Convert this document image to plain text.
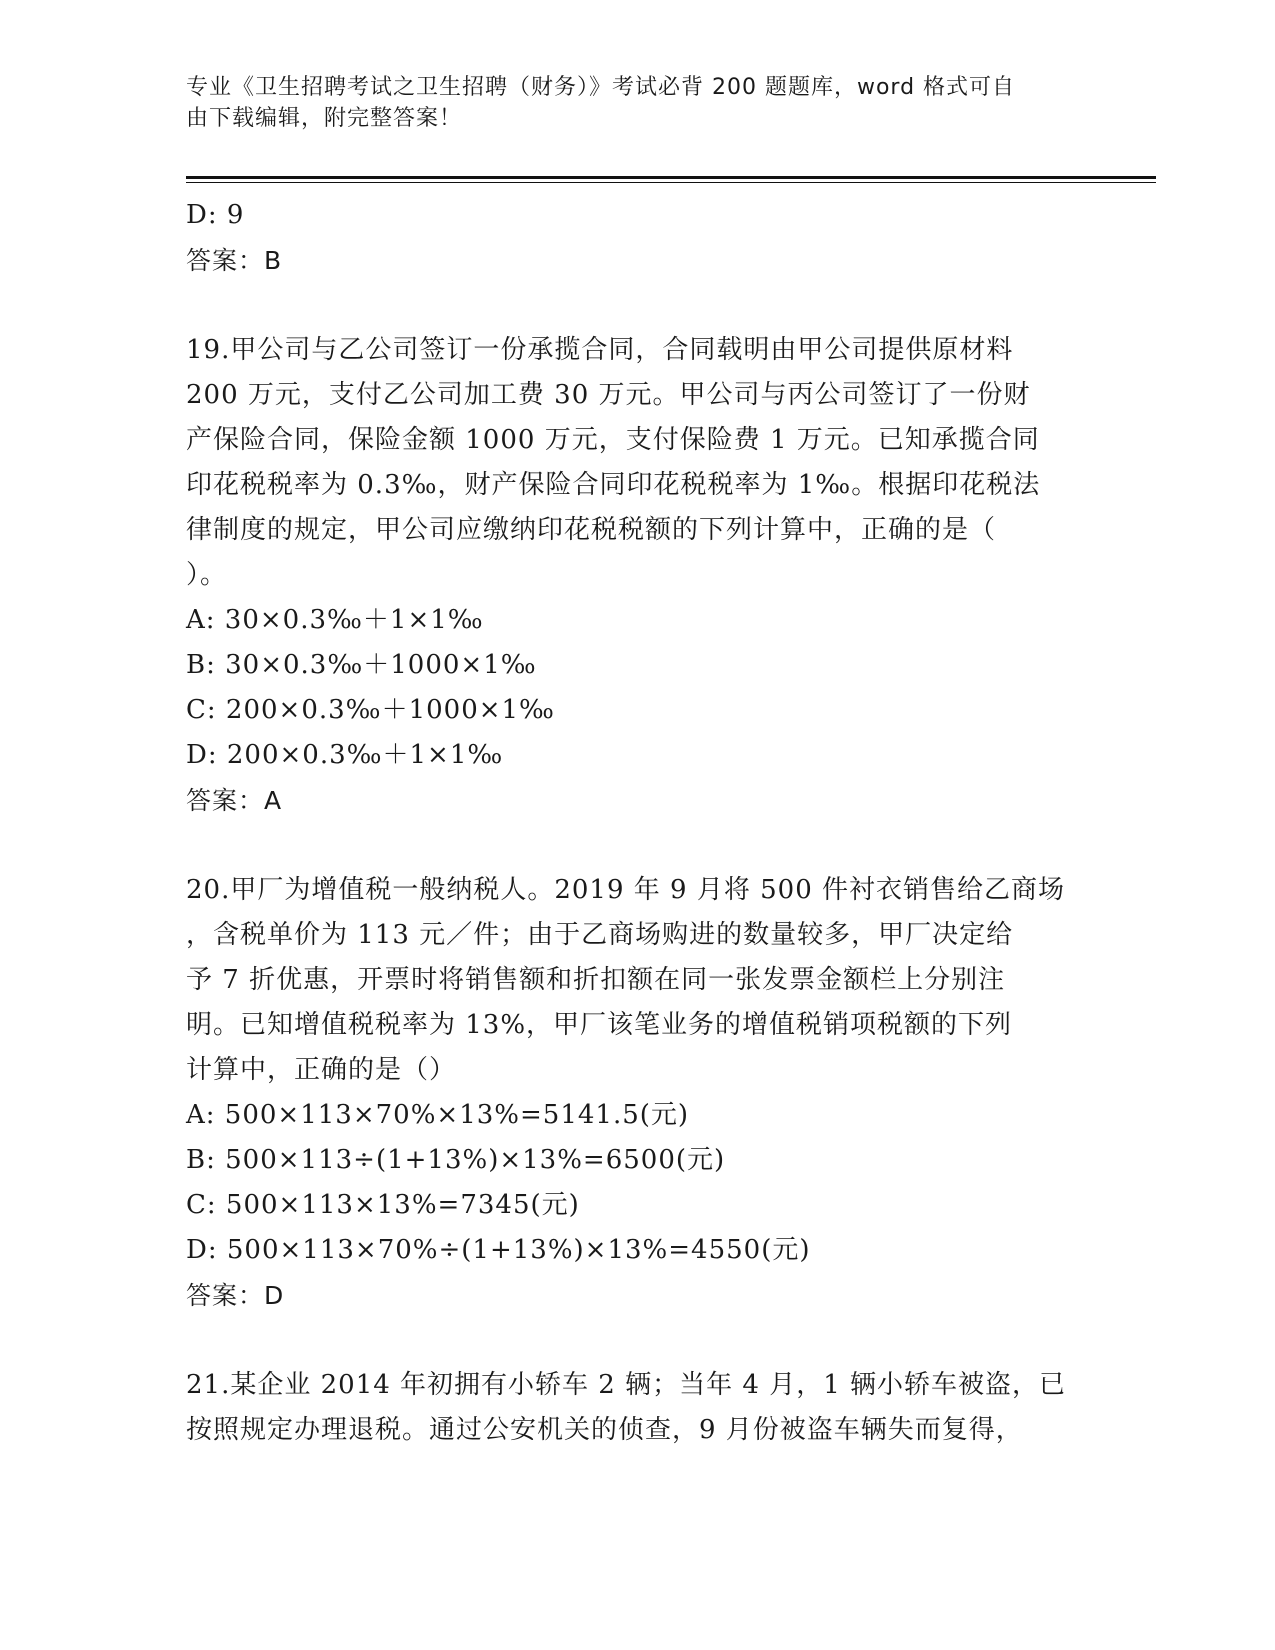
专业《卫生招聘考试之卫生招聘（财务）》考试必背 200 题题库，word 格式可自
由下载编辑，附完整答案！
D: 9
答案：B
19.甲公司与乙公司签订一份承揽合同，合同载明由甲公司提供原材料
200 万元，支付乙公司加工费 30 万元。甲公司与丙公司签订了一份财
产保险合同，保险金额 1000 万元，支付保险费 1 万元。已知承揽合同
印花税税率为 0.3‰，财产保险合同印花税税率为 1‰。根据印花税法
律制度的规定，甲公司应缴纳印花税税额的下列计算中，正确的是（
）。
A: 30×0.3‰＋1×1‰
B: 30×0.3‰＋1000×1‰
C: 200×0.3‰＋1000×1‰
D: 200×0.3‰＋1×1‰
答案：A
20.甲厂为增值税一般纳税人。2019 年 9 月将 500 件衬衣销售给乙商场
，含税单价为 113 元／件；由于乙商场购进的数量较多，甲厂决定给
予 7 折优惠，开票时将销售额和折扣额在同一张发票金额栏上分别注
明。已知增值税税率为 13%，甲厂该笔业务的增值税销项税额的下列
计算中，正确的是（）
A: 500×113×70%×13%=5141.5(元)
B: 500×113÷(1+13%)×13%=6500(元)
C: 500×113×13%=7345(元)
D: 500×113×70%÷(1+13%)×13%=4550(元)
答案：D
21.某企业 2014 年初拥有小轿车 2 辆；当年 4 月，1 辆小轿车被盗，已
按照规定办理退税。通过公安机关的侦查，9 月份被盗车辆失而复得，
